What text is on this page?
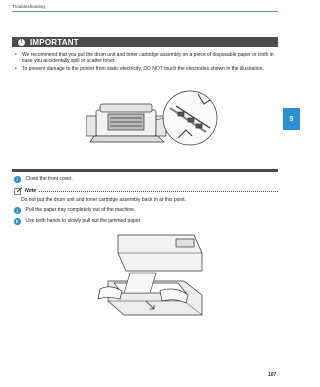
Troubleshooting
5
! IMPORTANT
• We recommend that you put the drum unit and toner cartridge assembly on a piece of disposable paper or cloth in case you accidentally spill or scatter toner.
• To prevent damage to the printer from static electricity, DO NOT touch the electrodes shown in the illustration.
i	Close the front cover.
Note
Do not put the drum unit and toner cartridge assembly back in at this point.
j	Pull the paper tray completely out of the machine.
k	Use both hands to slowly pull out the jammed paper.
107
